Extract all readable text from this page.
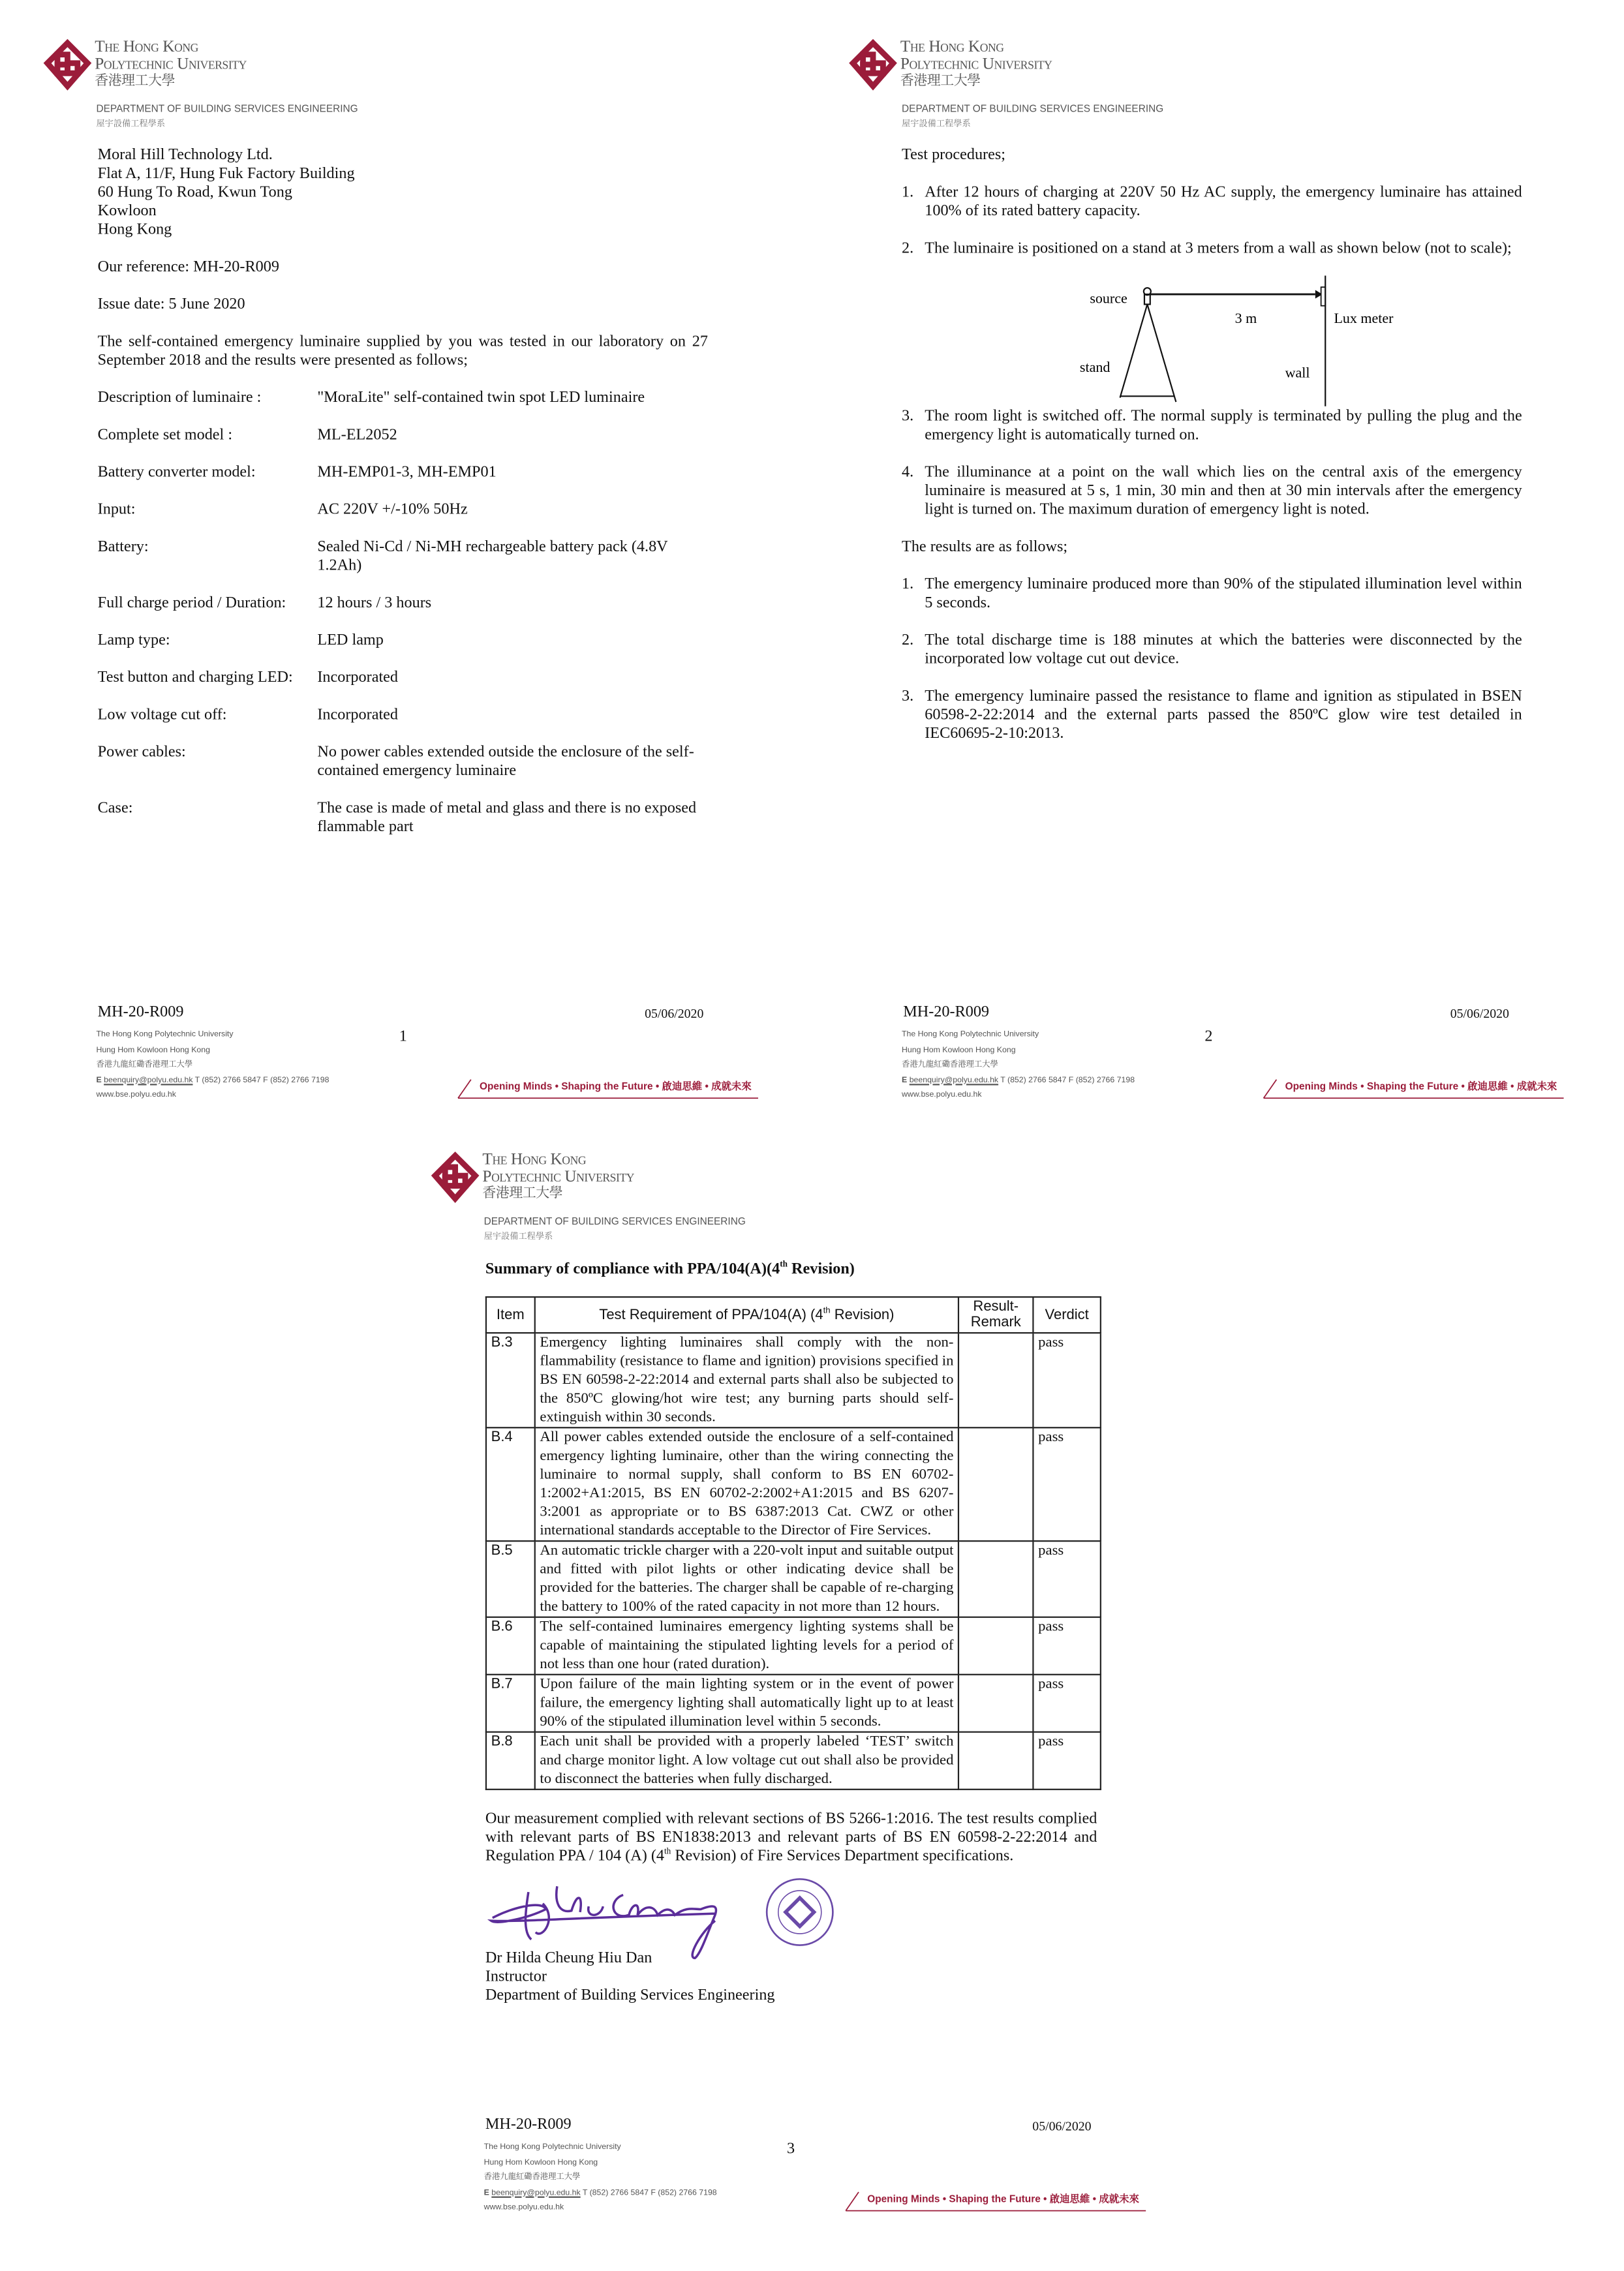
The Hong Kong
Polytechnic University
香港理工大學
DEPARTMENT OF BUILDING SERVICES ENGINEERING
屋宇設備工程學系
Moral Hill Technology Ltd.
Flat A, 11/F, Hung Fuk Factory Building
60 Hung To Road, Kwun Tong
Kowloon
Hong Kong
Our reference: MH-20-R009
Issue date: 5 June 2020
The self-contained emergency luminaire supplied by you was tested in our laboratory on 27 September 2018 and the results were presented as follows;
Description of luminaire :	"MoraLite" self-contained twin spot LED luminaire
Complete set model :	ML-EL2052
Battery converter model:	MH-EMP01-3, MH-EMP01
Input:	AC 220V +/-10% 50Hz
Battery:	Sealed Ni-Cd / Ni-MH rechargeable battery pack (4.8V 1.2Ah)
Full charge period / Duration:	12 hours / 3 hours
Lamp type:	LED lamp
Test button and charging LED:	Incorporated
Low voltage cut off:	Incorporated
Power cables:	No power cables extended outside the enclosure of the self-contained emergency luminaire
Case:	The case is made of metal and glass and there is no exposed flammable part
The Hong Kong
Polytechnic University
香港理工大學
DEPARTMENT OF BUILDING SERVICES ENGINEERING
屋宇設備工程學系
Test procedures;
1.	After 12 hours of charging at 220V 50 Hz AC supply, the emergency luminaire has attained 100% of its rated battery capacity.
2.	The luminaire is positioned on a stand at 3 meters from a wall as shown below (not to scale);
source
3 m	Lux meter
stand	wall
3.	The room light is switched off. The normal supply is terminated by pulling the plug and the emergency light is automatically turned on.
4.	The illuminance at a point on the wall which lies on the central axis of the emergency luminaire is measured at 5 s, 1 min, 30 min and then at 30 min intervals after the emergency light is turned on. The maximum duration of emergency light is noted.
The results are as follows;
1.	The emergency luminaire produced more than 90% of the stipulated illumination level within 5 seconds.
2.	The total discharge time is 188 minutes at which the batteries were disconnected by the incorporated low voltage cut out device.
3.	The emergency luminaire passed the resistance to flame and ignition as stipulated in BSEN 60598-2-22:2014 and the external parts passed the 850ºC glow wire test detailed in IEC60695-2-10:2013.
The Hong Kong
Polytechnic University
香港理工大學
DEPARTMENT OF BUILDING SERVICES ENGINEERING
屋宇設備工程學系
Summary of compliance with PPA/104(A)(4th Revision)
Item	Test Requirement of PPA/104(A) (4th Revision)	Result-Remark	Verdict
B.3	Emergency lighting luminaires shall comply with the non-flammability (resistance to flame and ignition) provisions specified in BS EN 60598-2-22:2014 and external parts shall also be subjected to the 850ºC glowing/hot wire test; any burning parts should self-extinguish within 30 seconds.		pass
B.4	All power cables extended outside the enclosure of a self-contained emergency lighting luminaire, other than the wiring connecting the luminaire to normal supply, shall conform to BS EN 60702-1:2002+A1:2015, BS EN 60702-2:2002+A1:2015 and BS 6207-3:2001 as appropriate or to BS 6387:2013 Cat. CWZ or other international standards acceptable to the Director of Fire Services.		pass
B.5	An automatic trickle charger with a 220-volt input and suitable output and fitted with pilot lights or other indicating device shall be provided for the batteries. The charger shall be capable of re-charging the battery to 100% of the rated capacity in not more than 12 hours.		pass
B.6	The self-contained luminaires emergency lighting systems shall be capable of maintaining the stipulated lighting levels for a period of not less than one hour (rated duration).		pass
B.7	Upon failure of the main lighting system or in the event of power failure, the emergency lighting shall automatically light up to at least 90% of the stipulated illumination level within 5 seconds.		pass
B.8	Each unit shall be provided with a properly labeled ‘TEST’ switch and charge monitor light. A low voltage cut out shall also be provided to disconnect the batteries when fully discharged.		pass
Our measurement complied with relevant sections of BS 5266-1:2016. The test results complied with relevant parts of BS EN1838:2013 and relevant parts of BS EN 60598-2-22:2014 and Regulation PPA / 104 (A) (4th Revision) of Fire Services Department specifications.
Dr Hilda Cheung Hiu Dan
Instructor
Department of Building Services Engineering
MH-20-R009	05/06/2020
1
The Hong Kong Polytechnic University
Hung Hom Kowloon Hong Kong
香港九龍紅磡香港理工大學
E beenquiry@polyu.edu.hk T (852) 2766 5847 F (852) 2766 7198
www.bse.polyu.edu.hk
Opening Minds • Shaping the Future • 啟迪思維 • 成就未來
MH-20-R009	05/06/2020
2
The Hong Kong Polytechnic University
Hung Hom Kowloon Hong Kong
香港九龍紅磡香港理工大學
E beenquiry@polyu.edu.hk T (852) 2766 5847 F (852) 2766 7198
www.bse.polyu.edu.hk
Opening Minds • Shaping the Future • 啟迪思維 • 成就未來
MH-20-R009	05/06/2020
3
The Hong Kong Polytechnic University
Hung Hom Kowloon Hong Kong
香港九龍紅磡香港理工大學
E beenquiry@polyu.edu.hk T (852) 2766 5847 F (852) 2766 7198
www.bse.polyu.edu.hk
Opening Minds • Shaping the Future • 啟迪思維 • 成就未來
